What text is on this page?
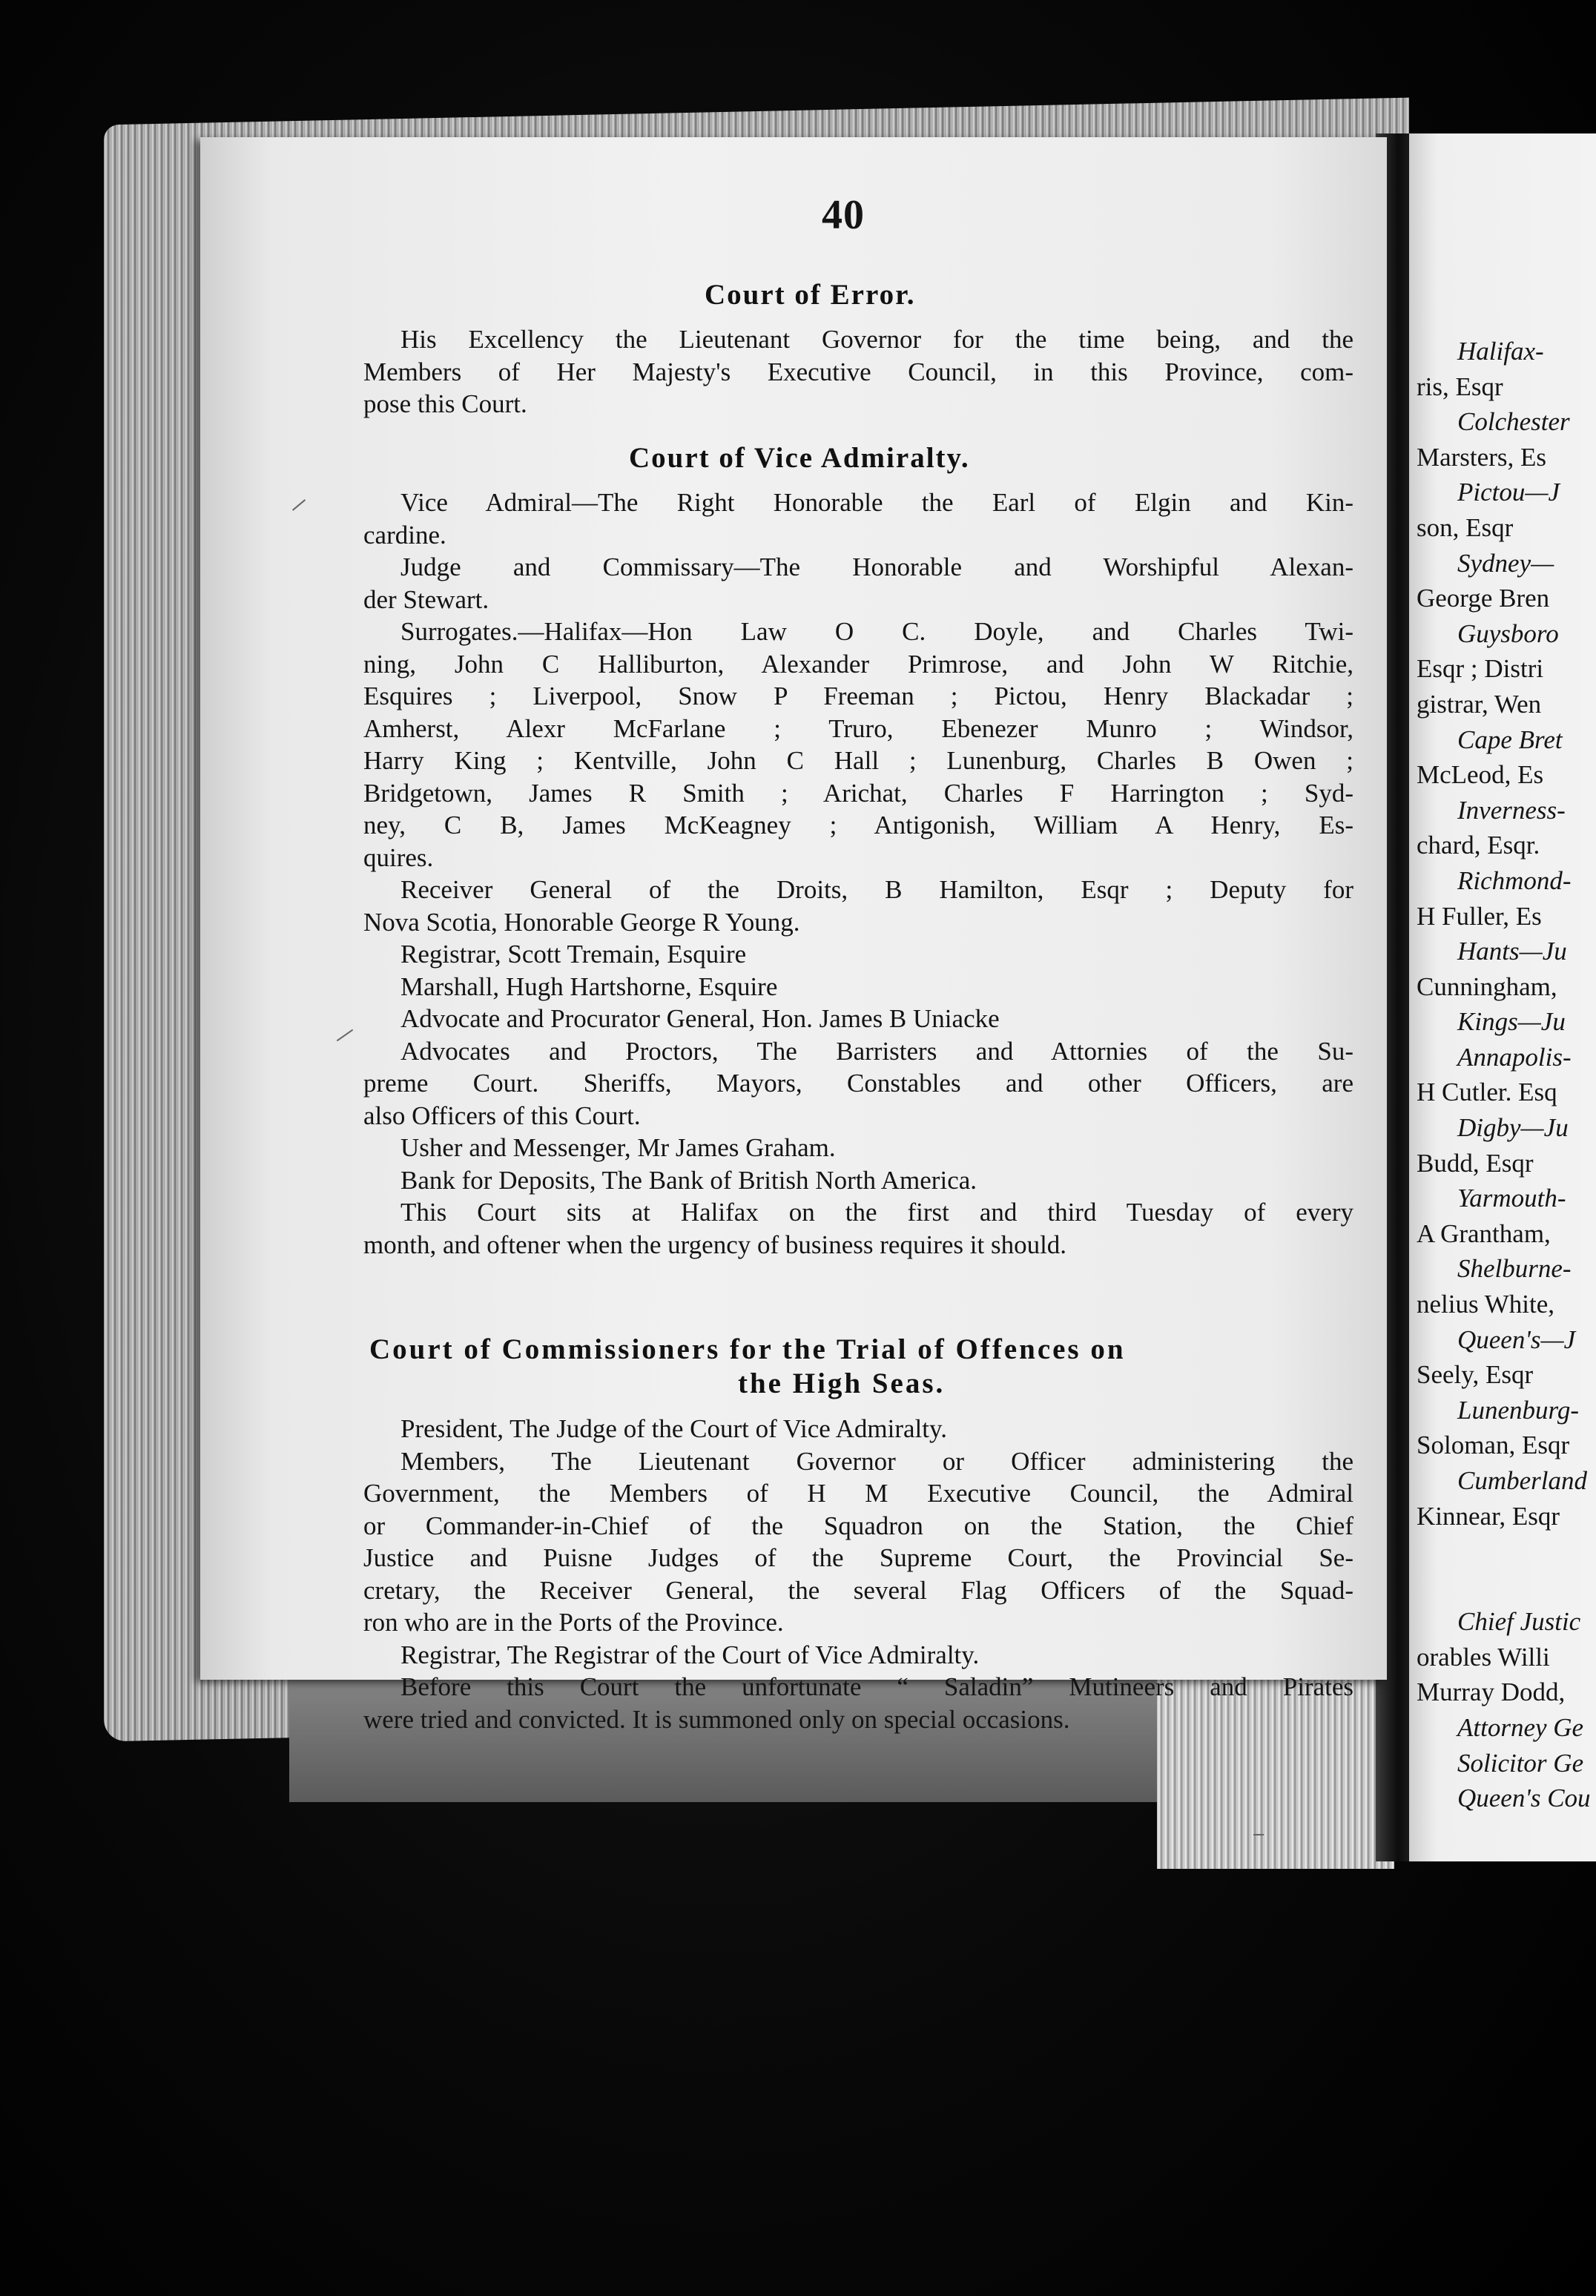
Halifax-
ris, Esqr
Colchester
Marsters, Es
Pictou—J
son, Esqr
Sydney—
George Bren
Guysboro
Esqr ; Distri
gistrar, Wen
Cape Bret
McLeod, Es
Inverness-
chard, Esqr.
Richmond-
H Fuller, Es
Hants—Ju
Cunningham,
Kings—Ju
Annapolis-
H Cutler. Esq
Digby—Ju
Budd, Esqr
Yarmouth-
A Grantham,
Shelburne-
nelius White,
Queen's—J
Seely, Esqr
Lunenburg-
Soloman, Esqr
Cumberland
Kinnear, Esqr
Chief Justic
orables Willi
Murray Dodd,
Attorney Ge
Solicitor Ge
Queen's Cou
40
Court of Error.
His Excellency the Lieutenant Governor for the time being, and the
Members of Her Majesty's Executive Council, in this Province, com-
pose this Court.
Court of Vice Admiralty.
Vice Admiral—The Right Honorable the Earl of Elgin and Kin-
cardine.
Judge and Commissary—The Honorable and Worshipful Alexan-
der Stewart.
Surrogates.—Halifax—Hon Law O C. Doyle, and Charles Twi-
ning, John C Halliburton, Alexander Primrose, and John W Ritchie,
Esquires ; Liverpool, Snow P Freeman ; Pictou, Henry Blackadar ;
Amherst, Alexr McFarlane ; Truro, Ebenezer Munro ; Windsor,
Harry King ; Kentville, John C Hall ; Lunenburg, Charles B Owen ;
Bridgetown, James R Smith ; Arichat, Charles F Harrington ; Syd-
ney, C B, James McKeagney ; Antigonish, William A Henry, Es-
quires.
Receiver General of the Droits, B Hamilton, Esqr ; Deputy for
Nova Scotia, Honorable George R Young.
Registrar, Scott Tremain, Esquire
Marshall, Hugh Hartshorne, Esquire
Advocate and Procurator General, Hon. James B Uniacke
Advocates and Proctors, The Barristers and Attornies of the Su-
preme Court. Sheriffs, Mayors, Constables and other Officers, are
also Officers of this Court.
Usher and Messenger, Mr James Graham.
Bank for Deposits, The Bank of British North America.
This Court sits at Halifax on the first and third Tuesday of every
month, and oftener when the urgency of business requires it should.
Court of Commissioners for the Trial of Offences on
the High Seas.
President, The Judge of the Court of Vice Admiralty.
Members, The Lieutenant Governor or Officer administering the
Government, the Members of H M Executive Council, the Admiral
or Commander-in-Chief of the Squadron on the Station, the Chief
Justice and Puisne Judges of the Supreme Court, the Provincial Se-
cretary, the Receiver General, the several Flag Officers of the Squad-
ron who are in the Ports of the Province.
Registrar, The Registrar of the Court of Vice Admiralty.
Before this Court the unfortunate “ Saladin” Mutineers and Pirates
were tried and convicted. It is summoned only on special occasions.
